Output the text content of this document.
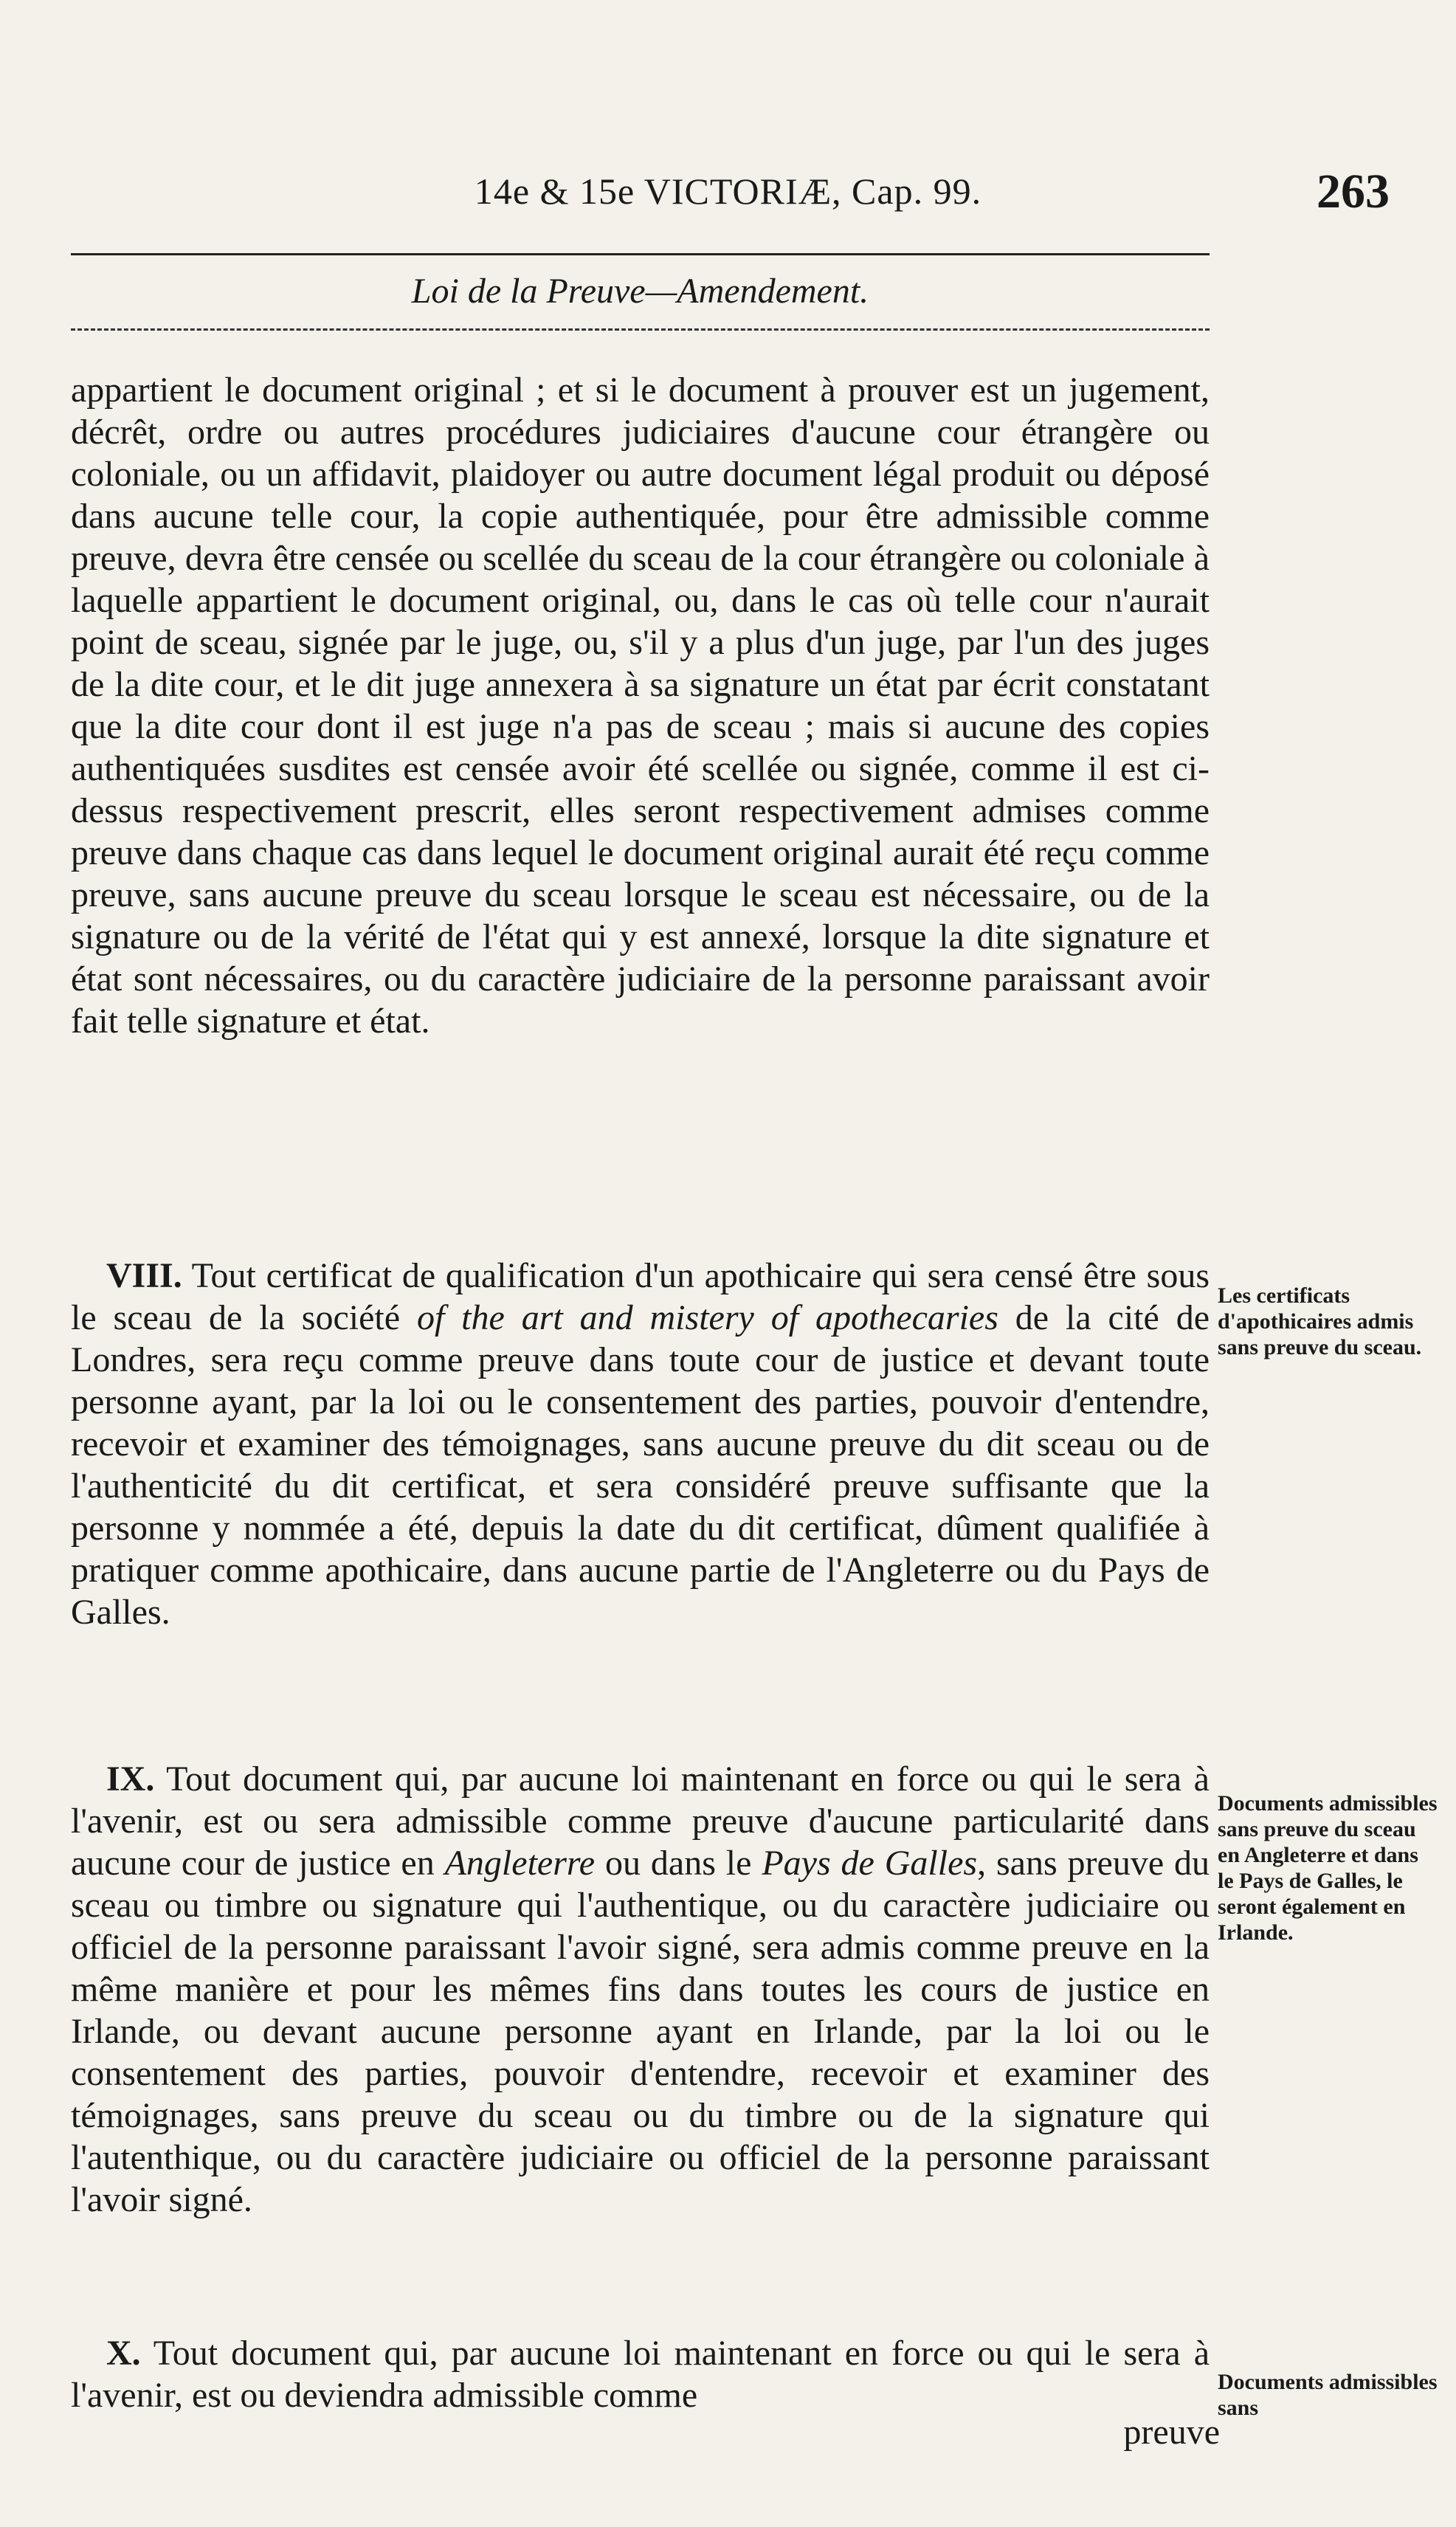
14e & 15e VICTORIÆ, Cap. 99.	263
Loi de la Preuve—Amendement.
appartient le document original ; et si le document à prouver est un jugement, décrêt, ordre ou autres procédures judiciaires d'aucune cour étrangère ou coloniale, ou un affidavit, plaidoyer ou autre document légal produit ou déposé dans aucune telle cour, la copie authentiquée, pour être admissible comme preuve, devra être censée ou scellée du sceau de la cour étrangère ou coloniale à laquelle appartient le document original, ou, dans le cas où telle cour n'aurait point de sceau, signée par le juge, ou, s'il y a plus d'un juge, par l'un des juges de la dite cour, et le dit juge annexera à sa signature un état par écrit constatant que la dite cour dont il est juge n'a pas de sceau ; mais si aucune des copies authentiquées susdites est censée avoir été scellée ou signée, comme il est ci-dessus respectivement prescrit, elles seront respectivement admises comme preuve dans chaque cas dans lequel le document original aurait été reçu comme preuve, sans aucune preuve du sceau lorsque le sceau est nécessaire, ou de la signature ou de la vérité de l'état qui y est annexé, lorsque la dite signature et état sont nécessaires, ou du caractère judiciaire de la personne paraissant avoir fait telle signature et état.
VIII. Tout certificat de qualification d'un apothicaire qui sera censé être sous le sceau de la société of the art and mistery of apothecaries de la cité de Londres, sera reçu comme preuve dans toute cour de justice et devant toute personne ayant, par la loi ou le consentement des parties, pouvoir d'entendre, recevoir et examiner des témoignages, sans aucune preuve du dit sceau ou de l'authenticité du dit certificat, et sera considéré preuve suffisante que la personne y nommée a été, depuis la date du dit certificat, dûment qualifiée à pratiquer comme apothicaire, dans aucune partie de l'Angleterre ou du Pays de Galles.
Les certificats d'apothicaires admis sans preuve du sceau.
IX. Tout document qui, par aucune loi maintenant en force ou qui le sera à l'avenir, est ou sera admissible comme preuve d'aucune particularité dans aucune cour de justice en Angleterre ou dans le Pays de Galles, sans preuve du sceau ou timbre ou signature qui l'authentique, ou du caractère judiciaire ou officiel de la personne paraissant l'avoir signé, sera admis comme preuve en la même manière et pour les mêmes fins dans toutes les cours de justice en Irlande, ou devant aucune personne ayant en Irlande, par la loi ou le consentement des parties, pouvoir d'entendre, recevoir et examiner des témoignages, sans preuve du sceau ou du timbre ou de la signature qui l'autenthique, ou du caractère judiciaire ou officiel de la personne paraissant l'avoir signé.
Documents admissibles sans preuve du sceau en Angleterre et dans le Pays de Galles, le seront également en Irlande.
X. Tout document qui, par aucune loi maintenant en force ou qui le sera à l'avenir, est ou deviendra admissible comme
preuve
Documents admissibles sans
